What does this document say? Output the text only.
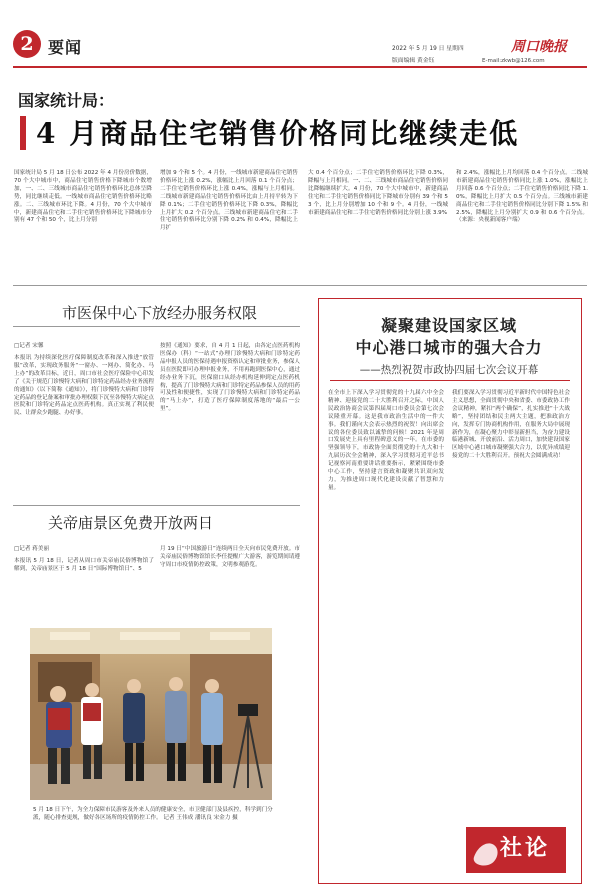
2 要闻	2022 年 5 月 19 日 星期四
版面编辑 黄金钰
周口晚报
E-mail:zkwb@126.com
国家统计局：
4 月商品住宅销售价格同比继续走低
国家统计局 5 月 18 日公布 2022 年 4 月份房价数据，70 个大中城市中，商品住宅销售价格下降城市个数增加，一、二、三线城市商品住宅销售价格环比总体呈降势，同比继续走低。一线城市商品住宅销售价格环比略涨。二、三线城市环比下降。4 月份，70 个大中城市中，新建商品住宅和二手住宅销售价格环比下降城市分别有 47 个和 50 个，比上月分别
增加 9 个和 5 个。4 月份，一线城市新建商品住宅销售价格环比上涨 0.2%，涨幅比上月回落 0.1 个百分点；二手住宅销售价格环比上涨 0.4%，涨幅与上月相同。二线城市新建商品住宅销售价格环比由上月持平转为下降 0.1%；二手住宅销售价格环比下降 0.3%，降幅比上月扩大 0.2 个百分点。三线城市新建商品住宅和二手住宅销售价格环比分别下降 0.2% 和 0.4%，降幅比上月扩
大 0.4 个百分点；二手住宅销售价格环比下降 0.3%，降幅与上月相同。一、二、三线城市商品住宅销售价格同比降幅继续扩大。4 月份，70 个大中城市中，新建商品住宅和二手住宅销售价格同比下降城市分别有 39 个和 53 个，比上月分别增加 10 个和 9 个。4 月份，一线城市新建商品住宅和二手住宅销售价格同比分别上涨 3.9%
和 2.4%，涨幅比上月均回落 0.4 个百分点。二线城市新建商品住宅销售价格同比上涨 1.0%，涨幅比上月回落 0.6 个百分点；二手住宅销售价格同比下降 1.0%，降幅比上月扩大 0.5 个百分点。三线城市新建商品住宅和二手住宅销售价格同比分别下降 1.5% 和 2.5%，降幅比上月分别扩大 0.9 和 0.6 个百分点。（来源：央视新闻客户端）
市医保中心下放经办服务权限
□记者 宋馨
本报讯 为持续深化医疗保障制度改革和深入推进“放管服”改革，实现政务服务“一窗办、一网办、简化办、马上办”的改革目标，近日，周口市社会医疗保险中心印发了《关于规范门诊慢特大病和门诊特定药品经办业务流程的通知》（以下简称《通知》），将门诊慢特大病和门诊特定药品的登记备案和审批办理权限下沉至各慢特大病定点医院和门诊特定药品定点医药机构。真正实现了利民便民、让群众少跑腿、办好事。
按照《通知》要求，自 4 月 1 日起，由各定点医药机构医保办（科）“一站式”办理门诊慢特大病和门诊特定药品申报人员的医保待遇申报资格认定和审批业务，参保人员在医院即可办理申报业务，不用再跑到医保中心，通过经办业务下沉，医保窗口从经办机构延伸到定点医药机构，提高了门诊慢特大病和门诊特定药品参保人员的用药可及性和便捷性，实现了门诊慢特大病和门诊特定药品的“马上办”，打造了医疗保障制度落地的“最后一公里”。
关帝庙景区免费开放两日
□记者 蒋美丽
本报讯 5 月 18 日，记者从周口市关帝庙民俗博物馆了解到，关帝庙景区于 5 月 18 日“国际博物馆日”、5
月 19 日“中国旅游日”连续两日全天向市民免费开放。市关帝庙民俗博物馆馆长李任提醒广大游客，游览期间请遵守周口市疫情防控政策，文明参观游览。
5 月 18 日下午，为全力保障市民游客及外来人员的健康安全，市卫健部门及县疾控，科学到门分派，随心排查更规，做好各区场所的疫情防控工作。 记者 王伟成 潘讯良 宋金力 摄
凝聚建设国家区域
中心港口城市的强大合力
——热烈祝贺市政协四届七次会议开幕
在全市上下深入学习贯彻党的十九届六中全会精神、迎接党的二十大胜利召开之际，中国人民政治协商会议第四届周口市委员会第七次会议隆重开幕。这是我市政治生活中的一件大事。我们谨向大会表示热烈的祝贺！向出席会议的各位委员致以诚挚的问候！2021 年是周口发展史上具有里程碑意义的一年。在市委的坚强领导下，市政协全面贯彻党的十九大和十九届历次全会精神，深入学习贯彻习近平总书记视察河南重要讲话重要指示，紧紧围绕市委中心工作，坚持建言资政和凝聚共识双向发力，为推进周口现代化建设贡献了智慧和力量。
我们要深入学习贯彻习近平新时代中国特色社会主义思想，全面贯彻中央和省委、市委政协工作会议精神，紧扣“两个确保”，扎实推进“十大战略”，坚持团结和民主两大主题，把准政治方向，发挥专门协商机构作用，在服务大局中展现新作为，在凝心聚力中彰显新担当，为奋力建设临港新城、开放前沿、活力周口，加快建设国家区域中心港口城市凝聚强大合力，以优异成绩迎接党的二十大胜利召开。预祝大会圆满成功！
社论
